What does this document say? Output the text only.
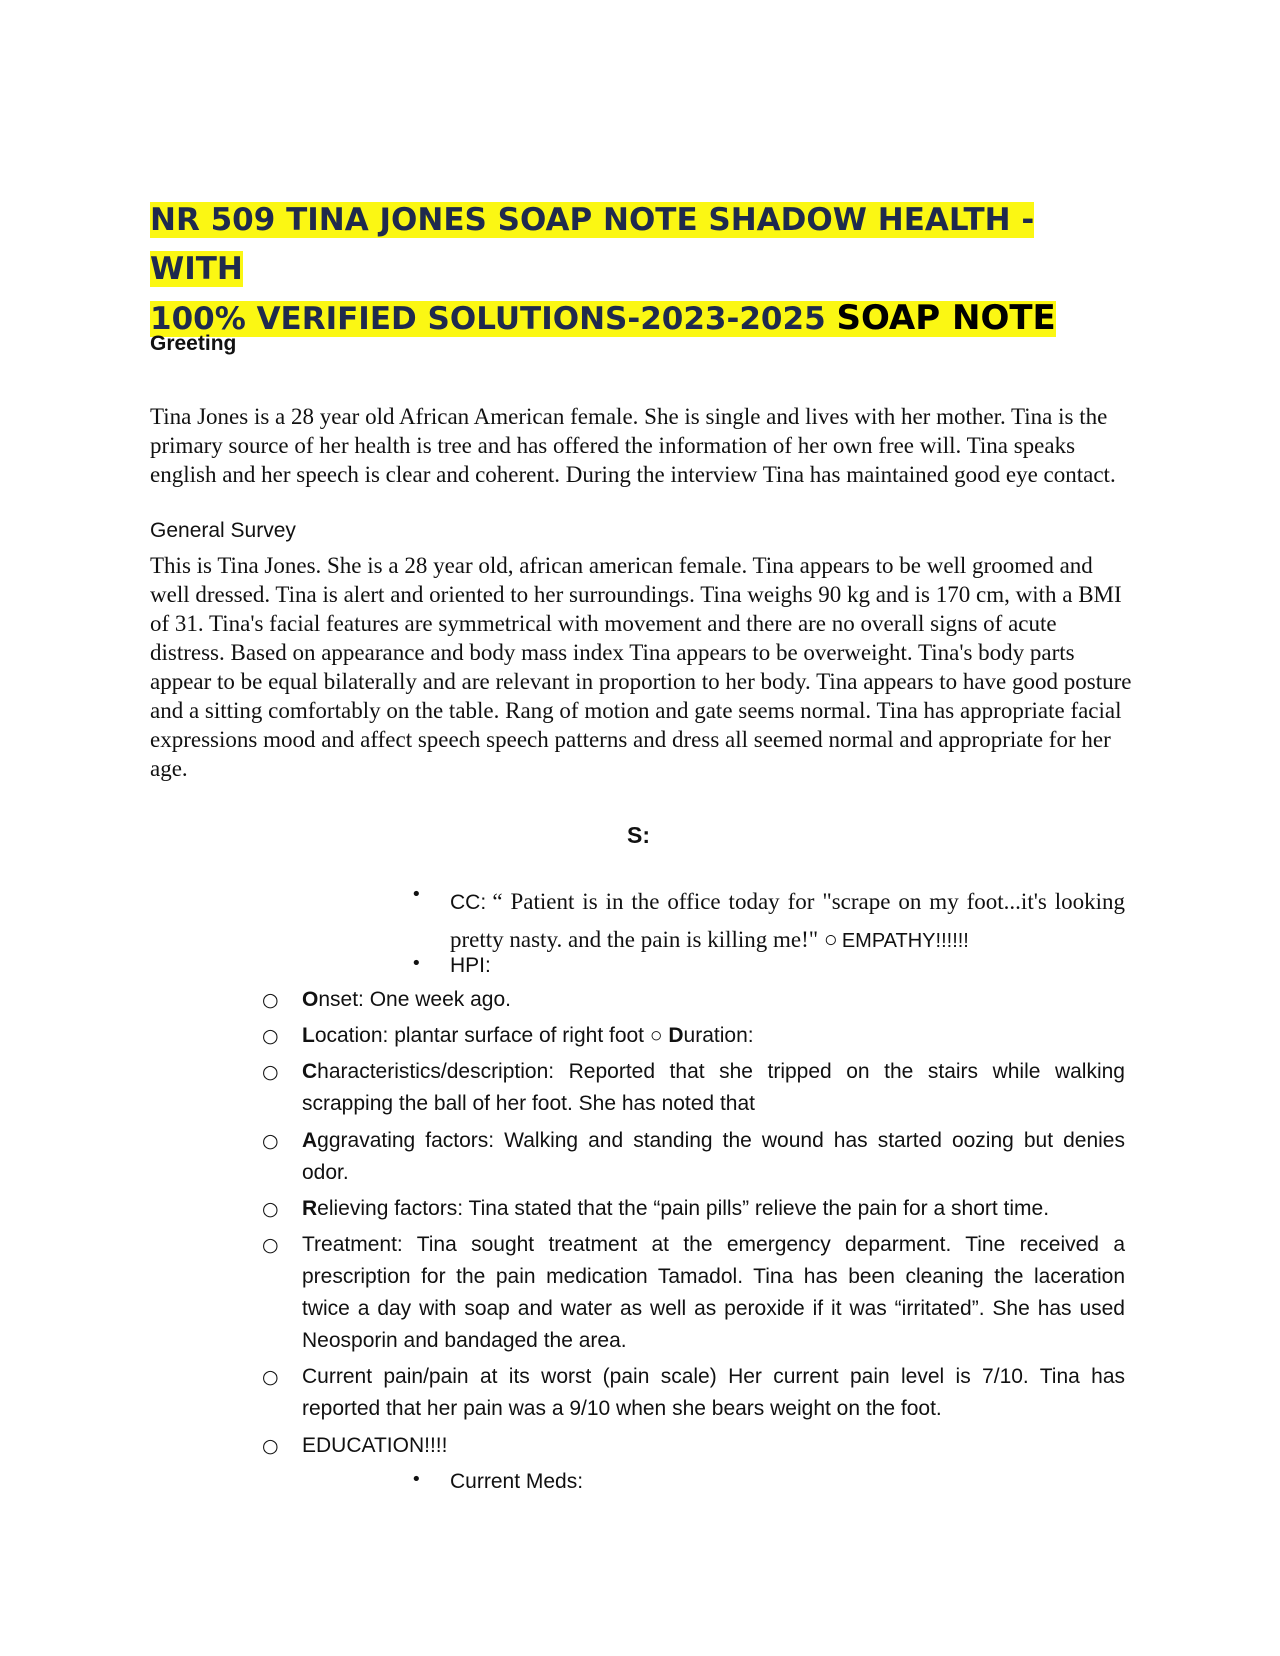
NR 509 TINA JONES SOAP NOTE SHADOW HEALTH -WITH
100% VERIFIED SOLUTIONS-2023-2025 SOAP NOTE
Greeting
Tina Jones is a 28 year old African American female. She is single and lives with her mother. Tina is the primary source of her health is tree and has offered the information of her own free will. Tina speaks english and her speech is clear and coherent. During the interview Tina has maintained good eye contact.
General Survey
This is Tina Jones. She is a 28 year old, african american female. Tina appears to be well groomed and well dressed. Tina is alert and oriented to her surroundings. Tina weighs 90 kg and is 170 cm, with a BMI of 31. Tina's facial features are symmetrical with movement and there are no overall signs of acute distress. Based on appearance and body mass index Tina appears to be overweight. Tina's body parts appear to be equal bilaterally and are relevant in proportion to her body. Tina appears to have good posture and a sitting comfortably on the table. Rang of motion and gate seems normal. Tina has appropriate facial expressions mood and affect speech speech patterns and dress all seemed normal and appropriate for her age.
S:
• CC: “ Patient is in the office today for "scrape on my foot...it's looking pretty nasty. and the pain is killing me!" ○ EMPATHY!!!!!!
• HPI:
○ Onset: One week ago.
○ Location: plantar surface of right foot ○ Duration:
○ Characteristics/description: Reported that she tripped on the stairs while walking scrapping the ball of her foot. She has noted that
○ Aggravating factors: Walking and standing the wound has started oozing but denies odor.
○ Relieving factors: Tina stated that the “pain pills” relieve the pain for a short time.
○ Treatment: Tina sought treatment at the emergency deparment. Tine received a prescription for the pain medication Tamadol. Tina has been cleaning the laceration twice a day with soap and water as well as peroxide if it was “irritated”. She has used Neosporin and bandaged the area.
○ Current pain/pain at its worst (pain scale) Her current pain level is 7/10. Tina has reported that her pain was a 9/10 when she bears weight on the foot.
○ EDUCATION!!!!
• Current Meds:
